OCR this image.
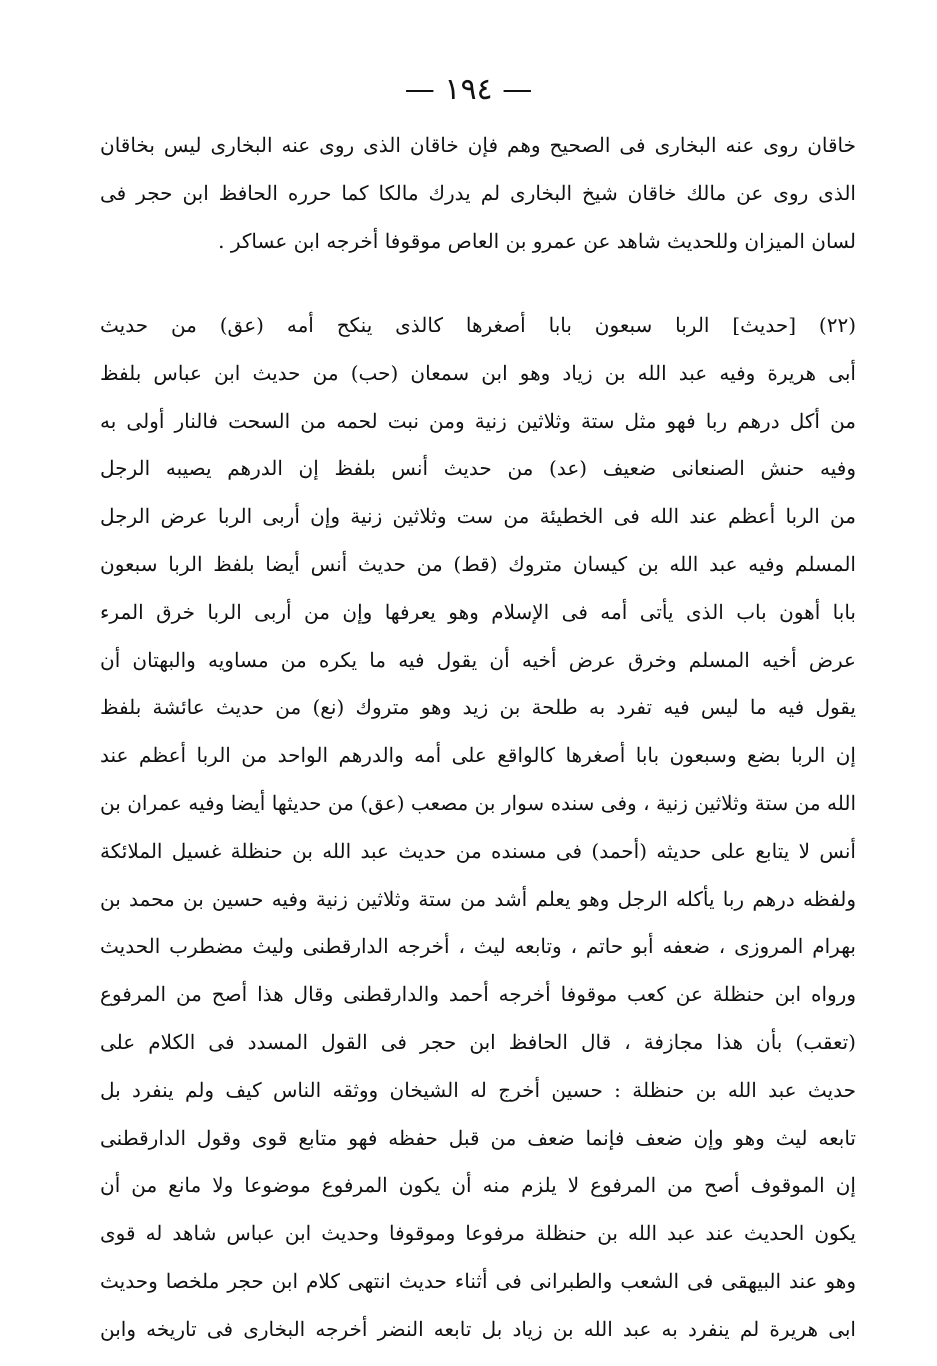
— ١٩٤ —
خاقان روى عنه البخارى فى الصحيح وهم فإن خاقان الذى روى عنه البخارى ليس بخاقان
الذى روى عن مالك خاقان شيخ البخارى لم يدرك مالكا كما حرره الحافظ ابن حجر فى
لسان الميزان وللحديث شاهد عن عمرو بن العاص موقوفا أخرجه ابن عساكر .
(٢٢) [حديث] الربا سبعون بابا أصغرها كالذى ينكح أمه (عق) من حديث
أبى هريرة وفيه عبد الله بن زياد وهو ابن سمعان (حب) من حديث ابن عباس بلفظ
من أكل درهم ربا فهو مثل ستة وثلاثين زنية ومن نبت لحمه من السحت فالنار أولى به
وفيه حنش الصنعانى ضعيف (عد) من حديث أنس بلفظ إن الدرهم يصيبه الرجل
من الربا أعظم عند الله فى الخطيئة من ست وثلاثين زنية وإن أربى الربا عرض الرجل
المسلم وفيه عبد الله بن كيسان متروك (قط) من حديث أنس أيضا بلفظ الربا سبعون
بابا أهون باب الذى يأتى أمه فى الإسلام وهو يعرفها وإن من أربى الربا خرق المرء
عرض أخيه المسلم وخرق عرض أخيه أن يقول فيه ما يكره من مساويه والبهتان أن
يقول فيه ما ليس فيه تفرد به طلحة بن زيد وهو متروك (نع) من حديث عائشة بلفظ
إن الربا بضع وسبعون بابا أصغرها كالواقع على أمه والدرهم الواحد من الربا أعظم عند
الله من ستة وثلاثين زنية ، وفى سنده سوار بن مصعب (عق) من حديثها أيضا وفيه عمران بن
أنس لا يتابع على حديثه (أحمد) فى مسنده من حديث عبد الله بن حنظلة غسيل الملائكة
ولفظه درهم ربا يأكله الرجل وهو يعلم أشد من ستة وثلاثين زنية وفيه حسين بن محمد بن
بهرام المروزى ، ضعفه أبو حاتم ، وتابعه ليث ، أخرجه الدارقطنى وليث مضطرب الحديث
ورواه ابن حنظلة عن كعب موقوفا أخرجه أحمد والدارقطنى وقال هذا أصح من المرفوع
(تعقب) بأن هذا مجازفة ، قال الحافظ ابن حجر فى القول المسدد فى الكلام على
حديث عبد الله بن حنظلة : حسين أخرج له الشيخان ووثقه الناس كيف ولم ينفرد بل
تابعه ليث وهو وإن ضعف فإنما ضعف من قبل حفظه فهو متابع قوى وقول الدارقطنى
إن الموقوف أصح من المرفوع لا يلزم منه أن يكون المرفوع موضوعا ولا مانع من أن
يكون الحديث عند عبد الله بن حنظلة مرفوعا وموقوفا وحديث ابن عباس شاهد له قوى
وهو عند البيهقى فى الشعب والطبرانى فى أثناء حديث انتهى كلام ابن حجر ملخصا وحديث
ابى هريرة لم ينفرد به عبد الله بن زياد بل تابعه النضر أخرجه البخارى فى تاريخه وابن
